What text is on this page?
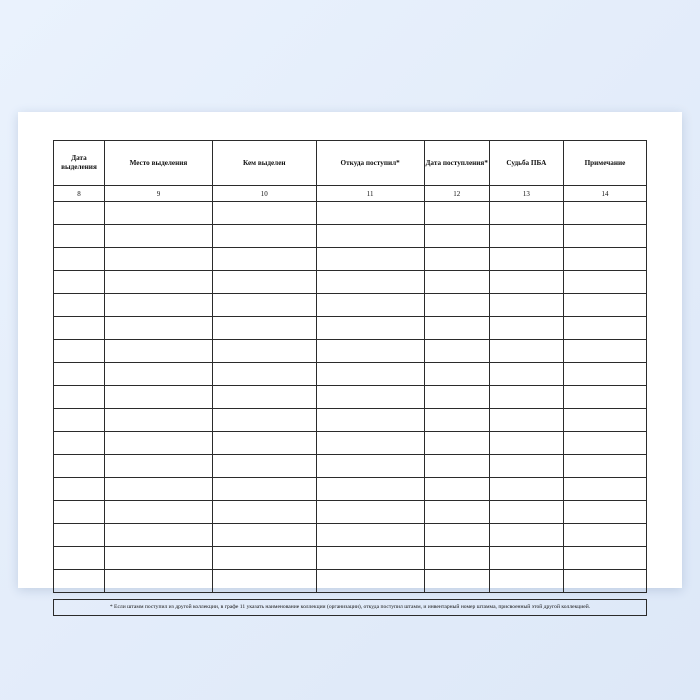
Дата выделения	Место выделения	Кем выделен	Откуда поступил*	Дата поступления*	Судьба ПБА	Примечание
8	9	10	11	12	13	14

* Если штамм поступил из другой коллекции, в графе 11 указать наименование коллекции (организации), откуда поступил штамм, и инвентарный номер штамма, присвоенный этой другой коллекцией.
